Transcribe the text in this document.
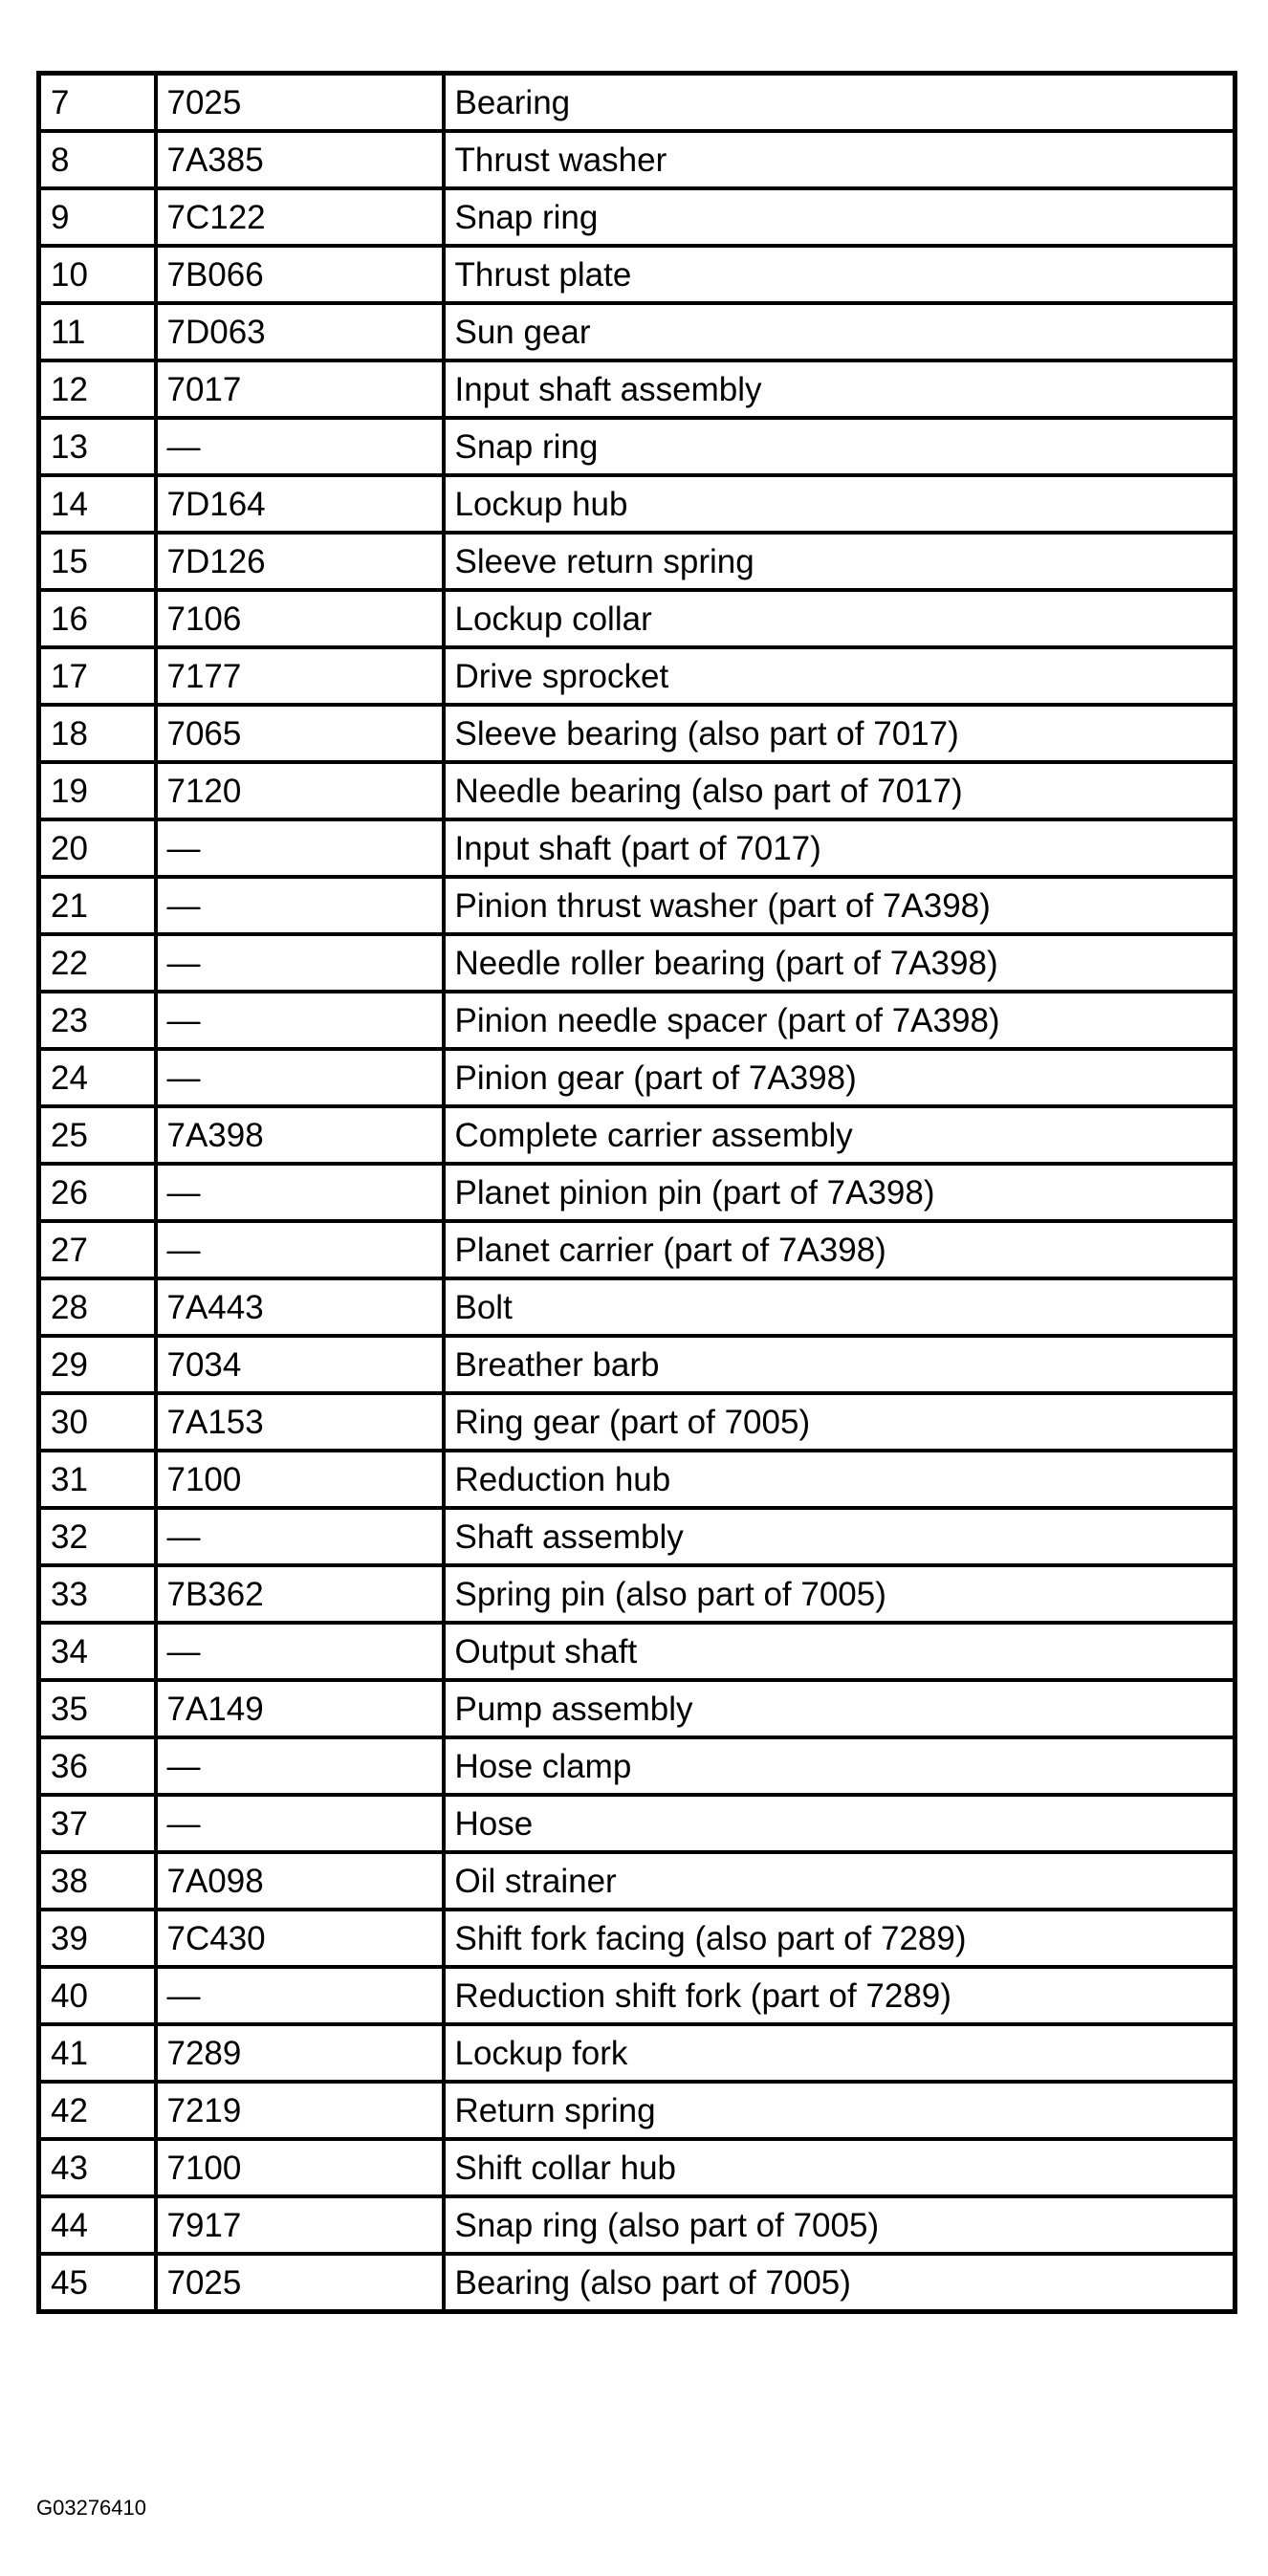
7	7025	Bearing
8	7A385	Thrust washer
9	7C122	Snap ring
10	7B066	Thrust plate
11	7D063	Sun gear
12	7017	Input shaft assembly
13	—	Snap ring
14	7D164	Lockup hub
15	7D126	Sleeve return spring
16	7106	Lockup collar
17	7177	Drive sprocket
18	7065	Sleeve bearing (also part of 7017)
19	7120	Needle bearing (also part of 7017)
20	—	Input shaft (part of 7017)
21	—	Pinion thrust washer (part of 7A398)
22	—	Needle roller bearing (part of 7A398)
23	—	Pinion needle spacer (part of 7A398)
24	—	Pinion gear (part of 7A398)
25	7A398	Complete carrier assembly
26	—	Planet pinion pin (part of 7A398)
27	—	Planet carrier (part of 7A398)
28	7A443	Bolt
29	7034	Breather barb
30	7A153	Ring gear (part of 7005)
31	7100	Reduction hub
32	—	Shaft assembly
33	7B362	Spring pin (also part of 7005)
34	—	Output shaft
35	7A149	Pump assembly
36	—	Hose clamp
37	—	Hose
38	7A098	Oil strainer
39	7C430	Shift fork facing (also part of 7289)
40	—	Reduction shift fork (part of 7289)
41	7289	Lockup fork
42	7219	Return spring
43	7100	Shift collar hub
44	7917	Snap ring (also part of 7005)
45	7025	Bearing (also part of 7005)
G03276410
